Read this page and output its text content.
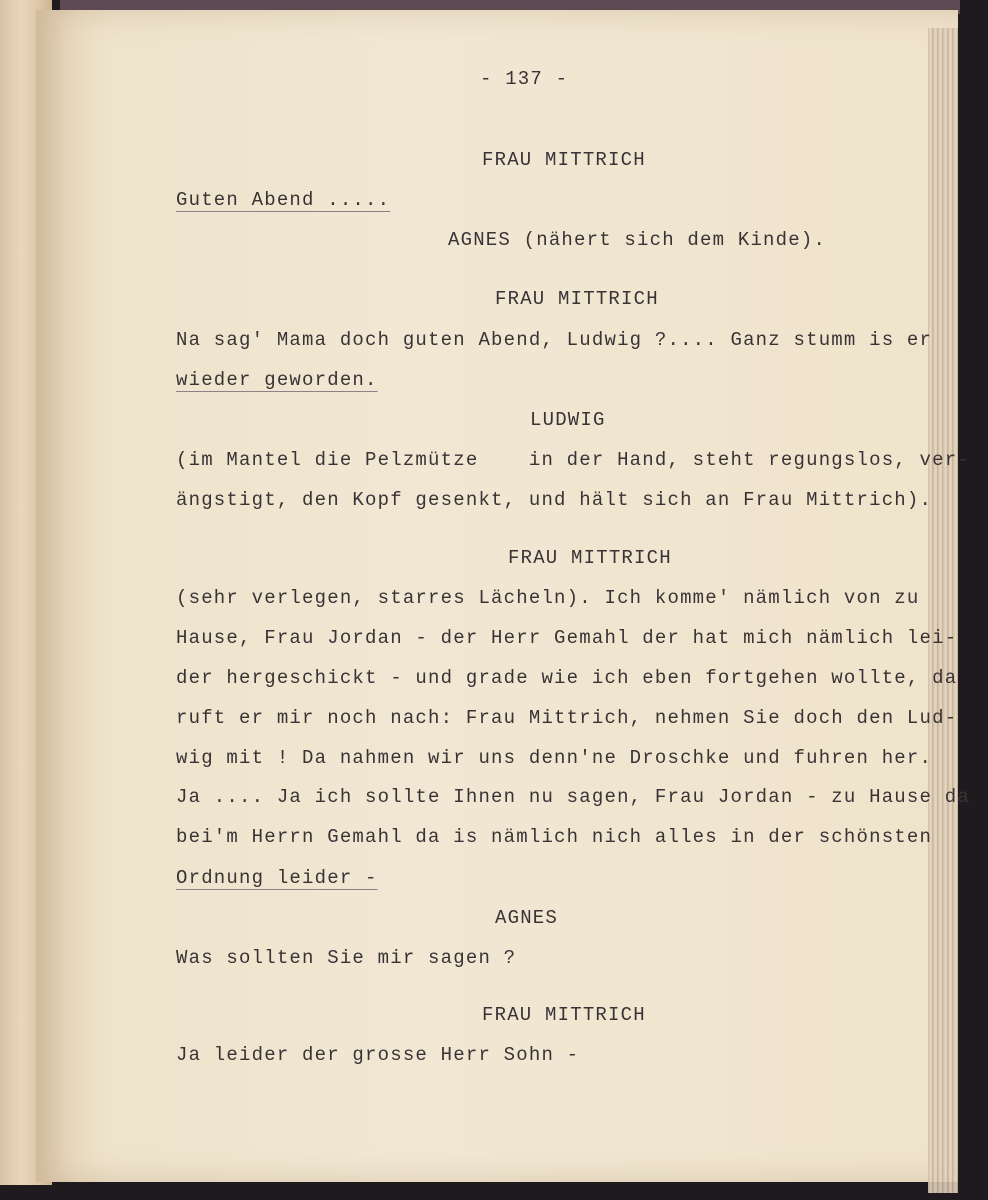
- 137 -
FRAU MITTRICH
Guten Abend .....
AGNES (nähert sich dem Kinde).
FRAU MITTRICH
Na sag' Mama doch guten Abend, Ludwig ?.... Ganz stumm is er
wieder geworden.
LUDWIG
(im Mantel die Pelzmütze    in der Hand, steht regungslos, ver-
ängstigt, den Kopf gesenkt, und hält sich an Frau Mittrich).
FRAU MITTRICH
(sehr verlegen, starres Lächeln). Ich komme' nämlich von zu
Hause, Frau Jordan - der Herr Gemahl der hat mich nämlich lei-
der hergeschickt - und grade wie ich eben fortgehen wollte, da
ruft er mir noch nach: Frau Mittrich, nehmen Sie doch den Lud-
wig mit ! Da nahmen wir uns denn'ne Droschke und fuhren her.
Ja .... Ja ich sollte Ihnen nu sagen, Frau Jordan - zu Hause da
bei'm Herrn Gemahl da is nämlich nich alles in der schönsten
Ordnung leider -
AGNES
Was sollten Sie mir sagen ?
FRAU MITTRICH
Ja leider der grosse Herr Sohn -
